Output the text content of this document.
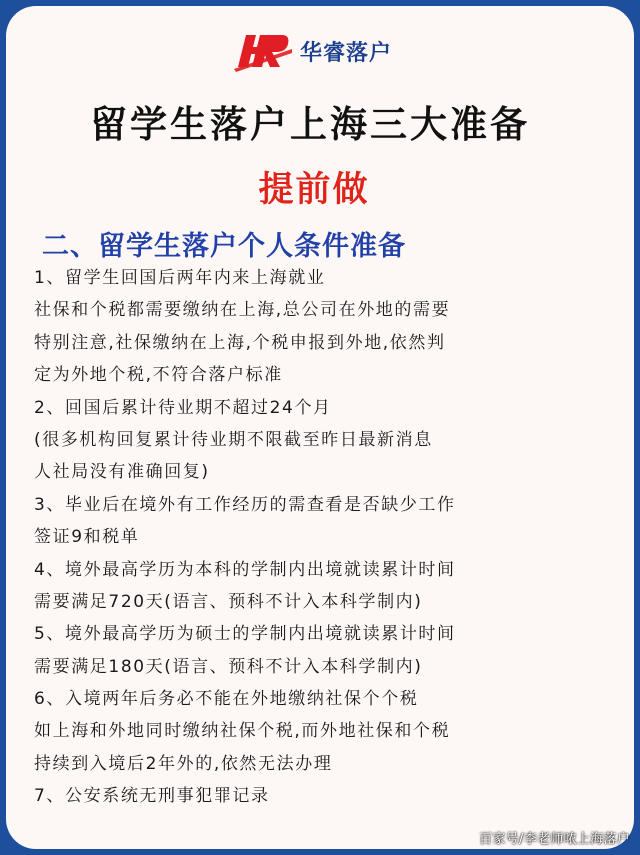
华睿落户
留学生落户上海三大准备
提前做
二、留学生落户个人条件准备
1、留学生回国后两年内来上海就业
社保和个税都需要缴纳在上海,总公司在外地的需要
特别注意,社保缴纳在上海,个税申报到外地,依然判
定为外地个税,不符合落户标准
2、回国后累计待业期不超过24个月
(很多机构回复累计待业期不限截至昨日最新消息
人社局没有准确回复)
3、毕业后在境外有工作经历的需查看是否缺少工作
签证9和税单
4、境外最高学历为本科的学制内出境就读累计时间
需要满足720天(语言、预科不计入本科学制内)
5、境外最高学历为硕士的学制内出境就读累计时间
需要满足180天(语言、预科不计入本科学制内)
6、入境两年后务必不能在外地缴纳社保个个税
如上海和外地同时缴纳社保个税,而外地社保和个税
持续到入境后2年外的,依然无法办理
7、公安系统无刑事犯罪记录
百家号/李老师哝上海落户
